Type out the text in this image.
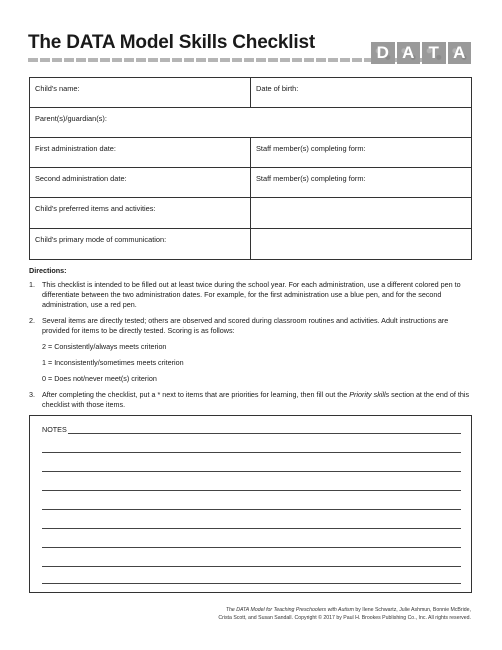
The DATA Model Skills Checklist	D A T A
Child's name:	Date of birth:
Parent(s)/guardian(s):	
First administration date:	Staff member(s) completing form:
Second administration date:	Staff member(s) completing form:
Child's preferred items and activities:	
Child's primary mode of communication:	
Directions:
1. This checklist is intended to be filled out at least twice during the school year. For each administration, use a different colored pen to differentiate between the two administration dates. For example, for the first administration use a blue pen, and for the second administration, use a red pen.
2. Several items are directly tested; others are observed and scored during classroom routines and activities. Adult instructions are provided for items to be directly tested. Scoring is as follows:
2 = Consistently/always meets criterion
1 = Inconsistently/sometimes meets criterion
0 = Does not/never meet(s) criterion
3. After completing the checklist, put a * next to items that are priorities for learning, then fill out the Priority skills section at the end of this checklist with those items.
NOTES
The DATA Model for Teaching Preschoolers with Autism by Ilene Schwartz, Julie Ashmun, Bonnie McBride,
Crista Scott, and Susan Sandall. Copyright © 2017 by Paul H. Brookes Publishing Co., Inc. All rights reserved.
